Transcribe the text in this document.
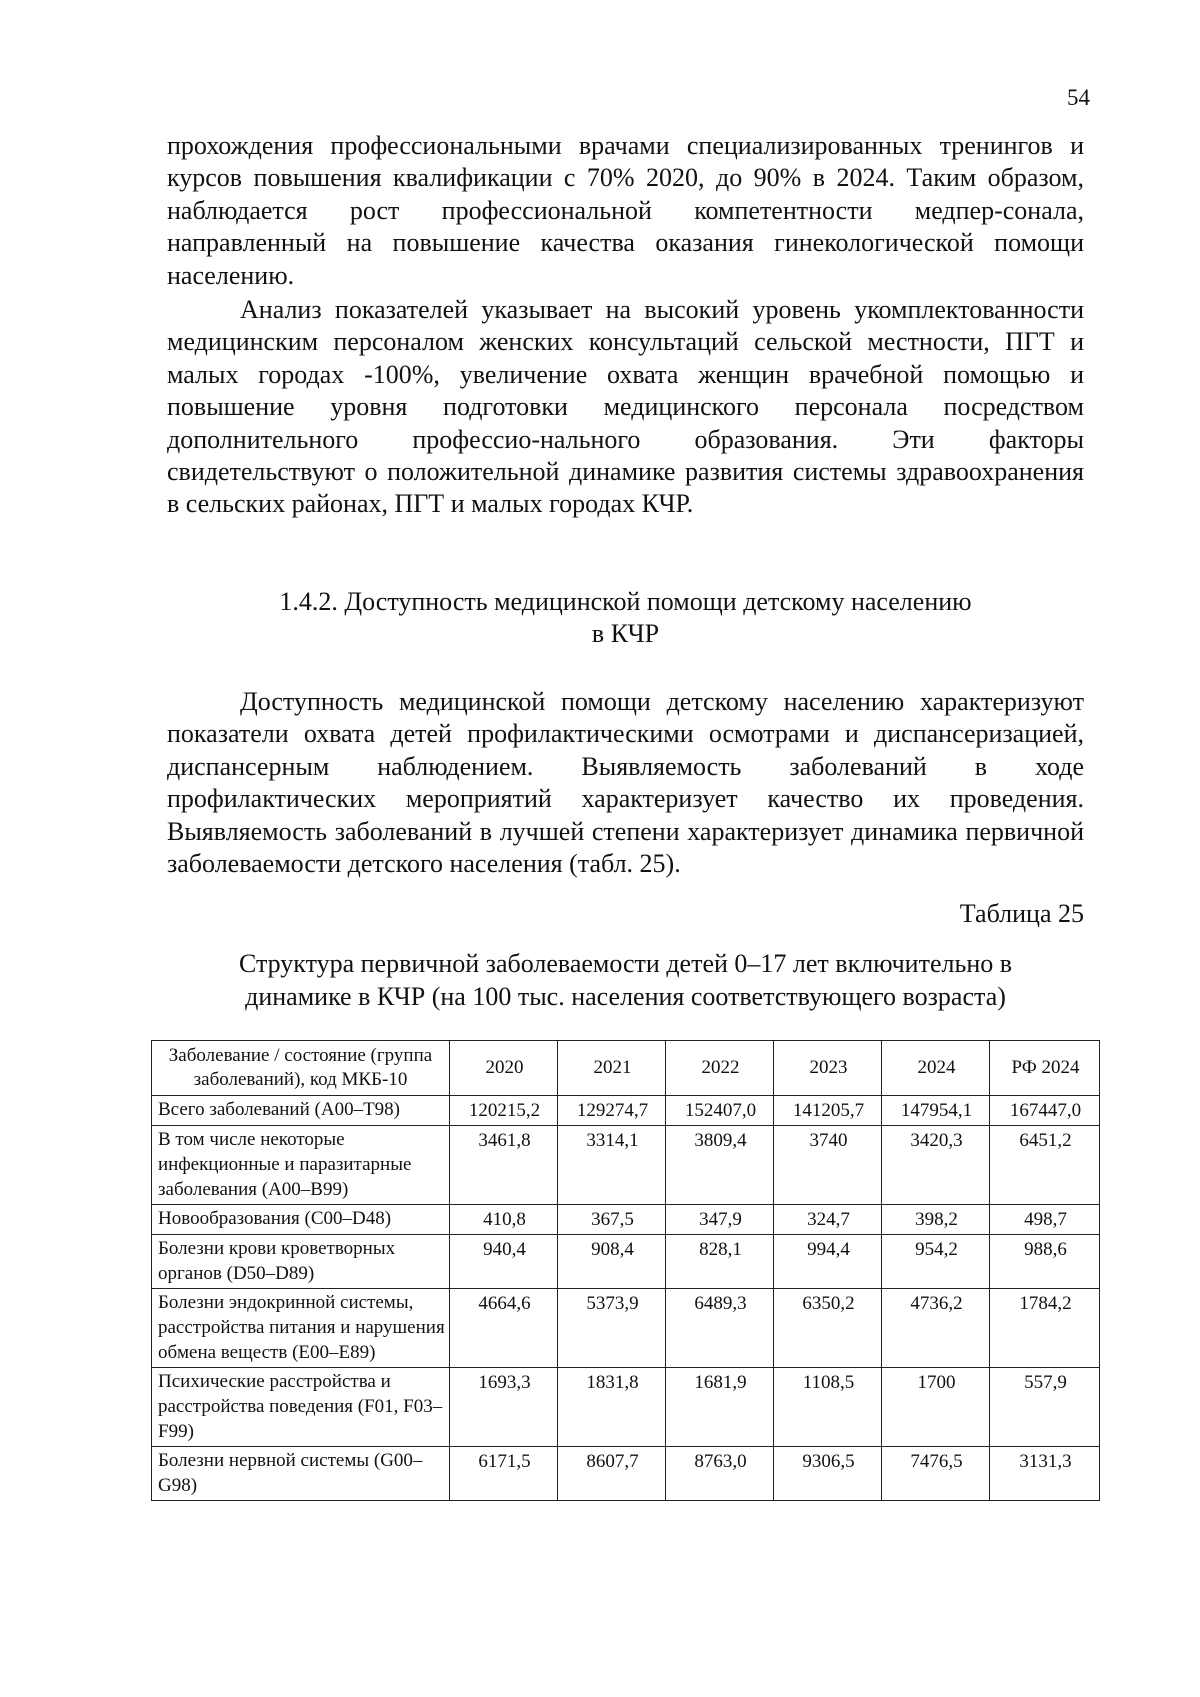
54

прохождения профессиональными врачами специализированных тренингов и курсов повышения квалификации с 70% 2020, до 90% в 2024. Таким образом, наблюдается рост профессиональной компетентности медпер-сонала, направленный на повышение качества оказания гинекологической помощи населению.

Анализ показателей указывает на высокий уровень укомплектованности медицинским персоналом женских консультаций сельской местности, ПГТ и малых городах -100%, увеличение охвата женщин врачебной помощью и повышение уровня подготовки медицинского персонала посредством дополнительного профессио-нального образования. Эти факторы свидетельствуют о положительной динамике развития системы здравоохранения в сельских районах, ПГТ и малых городах КЧР.

1.4.2. Доступность медицинской помощи детскому населению
в КЧР

Доступность медицинской помощи детскому населению характеризуют показатели охвата детей профилактическими осмотрами и диспансеризацией, диспансерным наблюдением. Выявляемость заболеваний в ходе профилактических мероприятий характеризует качество их проведения. Выявляемость заболеваний в лучшей степени характеризует динамика первичной заболеваемости детского населения (табл. 25).

Таблица 25
Структура первичной заболеваемости детей 0–17 лет включительно в
динамике в КЧР (на 100 тыс. населения соответствующего возраста)
Заболевание / состояние (группа заболеваний), код МКБ-10	2020	2021	2022	2023	2024	РФ 2024
Всего заболеваний (А00–Т98)	120215,2	129274,7	152407,0	141205,7	147954,1	167447,0
В том числе некоторые инфекционные и паразитарные заболевания (А00–В99)	3461,8	3314,1	3809,4	3740	3420,3	6451,2
Новообразования (С00–D48)	410,8	367,5	347,9	324,7	398,2	498,7
Болезни крови кроветворных органов (D50–D89)	940,4	908,4	828,1	994,4	954,2	988,6
Болезни эндокринной системы, расстройства питания и нарушения обмена веществ (Е00–Е89)	4664,6	5373,9	6489,3	6350,2	4736,2	1784,2
Психические расстройства и расстройства поведения (F01, F03–F99)	1693,3	1831,8	1681,9	1108,5	1700	557,9
Болезни нервной системы (G00–G98)	6171,5	8607,7	8763,0	9306,5	7476,5	3131,3
